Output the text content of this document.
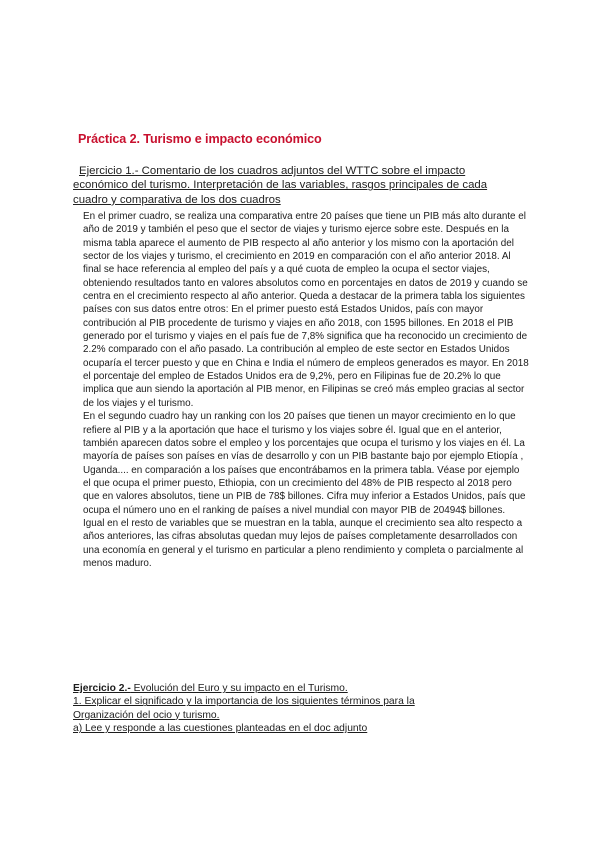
Práctica 2. Turismo e impacto económico
Ejercicio 1.- Comentario de los cuadros adjuntos del WTTC sobre el impacto económico del turismo. Interpretación de las variables, rasgos principales de cada cuadro y comparativa de los dos cuadros

En el primer cuadro, se realiza una comparativa entre 20 países que tiene un PIB más alto durante el año de 2019 y también el peso que el sector de viajes y turismo ejerce sobre este. Después en la misma tabla aparece el aumento de PIB respecto al año anterior y los mismo con la aportación del sector de los viajes y turismo, el crecimiento en 2019 en comparación con el año anterior 2018. Al final se hace referencia al empleo del país y a qué cuota de empleo la ocupa el sector viajes, obteniendo resultados tanto en valores absolutos como en porcentajes en datos de 2019 y cuando se centra en el crecimiento respecto al año anterior. Queda a destacar de la primera tabla los siguientes países con sus datos entre otros: En el primer puesto está Estados Unidos, país con mayor contribución al PIB procedente de turismo y viajes en año 2018, con 1595 billones. En 2018 el PIB generado por el turismo y viajes en el país fue de 7,8% significa que ha reconocido un crecimiento de 2.2% comparado con el año pasado. La contribución al empleo de este sector en Estados Unidos ocuparía el tercer puesto y que en China e India el número de empleos generados es mayor. En 2018 el porcentaje del empleo de Estados Unidos era de 9,2%, pero en Filipinas fue de 20.2% lo que implica que aun siendo la aportación al PIB menor, en Filipinas se creó más empleo gracias al sector de los viajes y el turismo.

En el segundo cuadro hay un ranking con los 20 países que tienen un mayor crecimiento en lo que refiere al PIB y a la aportación que hace el turismo y los viajes sobre él. Igual que en el anterior, también aparecen datos sobre el empleo y los porcentajes que ocupa el turismo y los viajes en él. La mayoría de países son países en vías de desarrollo y con un PIB bastante bajo por ejemplo Etiopía , Uganda.... en comparación a los países que encontrábamos en la primera tabla. Véase por ejemplo el que ocupa el primer puesto, Ethiopia, con un crecimiento del 48% de PIB respecto al 2018 pero que en valores absolutos, tiene un PIB de 78$ billones. Cifra muy inferior a Estados Unidos, país que ocupa el número uno en el ranking de países a nivel mundial con mayor PIB de 20494$ billones. Igual en el resto de variables que se muestran en la tabla, aunque el crecimiento sea alto respecto a años anteriores, las cifras absolutas quedan muy lejos de países completamente desarrollados con una economía en general y el turismo en particular a pleno rendimiento y completa o parcialmente al menos maduro.

Ejercicio 2.- Evolución del Euro y su impacto en el Turismo.
1. Explicar el significado y la importancia de los siguientes términos para la
Organización del ocio y turismo.
a) Lee y responde a las cuestiones planteadas en el doc adjunto
